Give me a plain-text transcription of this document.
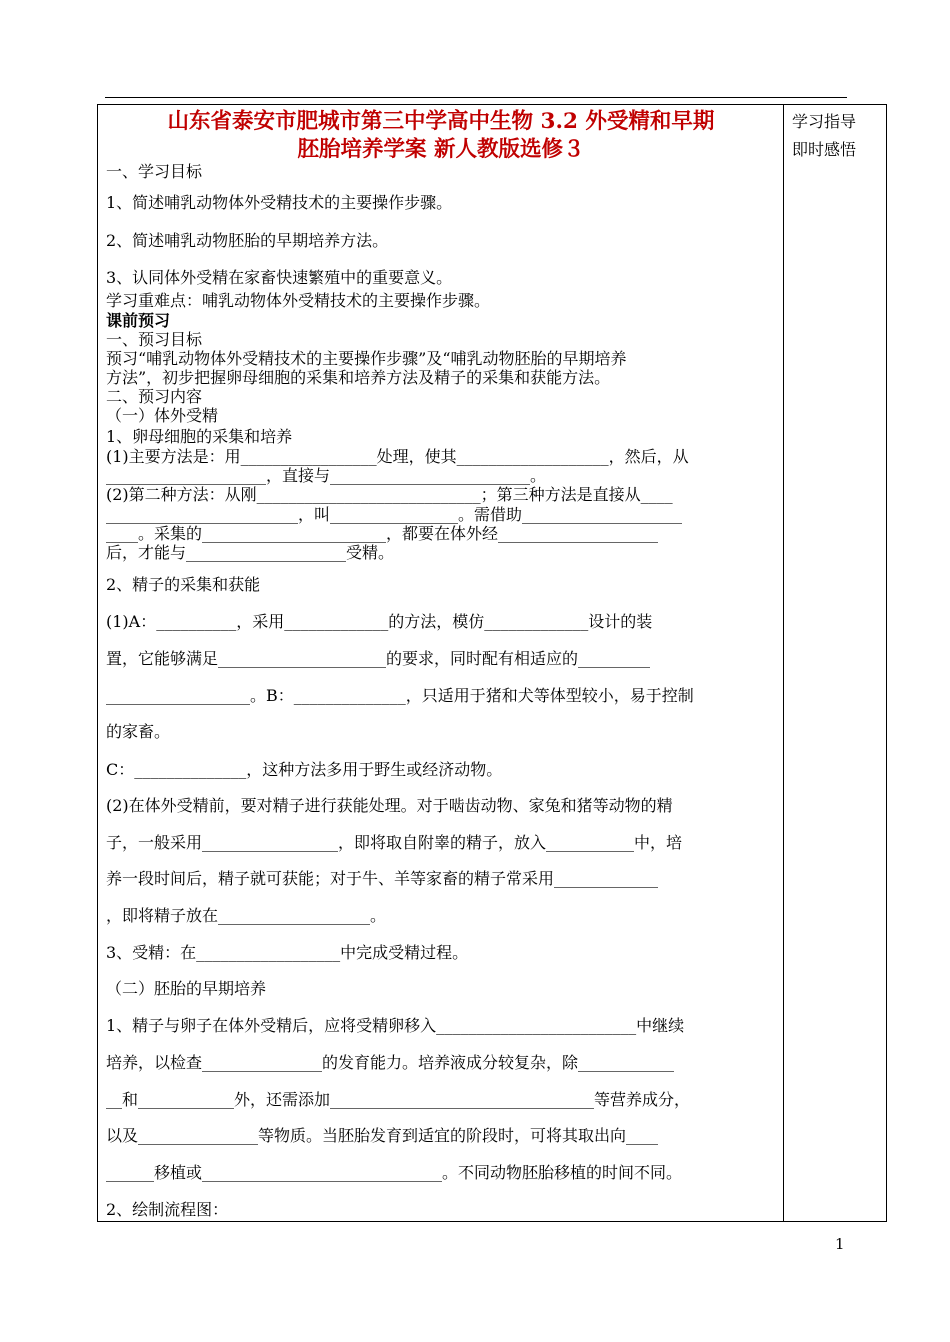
学习指导
即时感悟
山东省泰安市肥城市第三中学高中生物 3.2 外受精和早期
胚胎培养学案 新人教版选修３
一、学习目标
1、简述哺乳动物体外受精技术的主要操作步骤。
2、简述哺乳动物胚胎的早期培养方法。
3、认同体外受精在家畜快速繁殖中的重要意义。
学习重难点：哺乳动物体外受精技术的主要操作步骤。
课前预习
一、预习目标
预习“哺乳动物体外受精技术的主要操作步骤”及“哺乳动物胚胎的早期培养
方法”，初步把握卵母细胞的采集和培养方法及精子的采集和获能方法。
二、预习内容
（一）体外受精
1、卵母细胞的采集和培养
(1)主要方法是：用_________________处理，使其___________________，然后，从
____________________，直接与_________________________。
(2)第二种方法：从刚____________________________；第三种方法是直接从____
________________________，叫________________。需借助____________________
____。采集的_______________________，都要在体外经____________________
后，才能与____________________受精。
2、精子的采集和获能
(1)A：__________，采用_____________的方法，模仿_____________设计的装
置，它能够满足_____________________的要求，同时配有相适应的_________
__________________。B：______________，只适用于猪和犬等体型较小，易于控制
的家畜。
C：______________，这种方法多用于野生或经济动物。
(2)在体外受精前，要对精子进行获能处理。对于啮齿动物、家兔和猪等动物的精
子，一般采用_________________，即将取自附睾的精子，放入___________中，培
养一段时间后，精子就可获能；对于牛、羊等家畜的精子常采用_____________
，即将精子放在___________________。
3、受精：在__________________中完成受精过程。
（二）胚胎的早期培养
1、精子与卵子在体外受精后，应将受精卵移入_________________________中继续
培养，以检查_______________的发育能力。培养液成分较复杂，除____________
__和____________外，还需添加_________________________________等营养成分，
以及_______________等物质。当胚胎发育到适宜的阶段时，可将其取出向____
______移植或______________________________。不同动物胚胎移植的时间不同。
2、绘制流程图：
1
